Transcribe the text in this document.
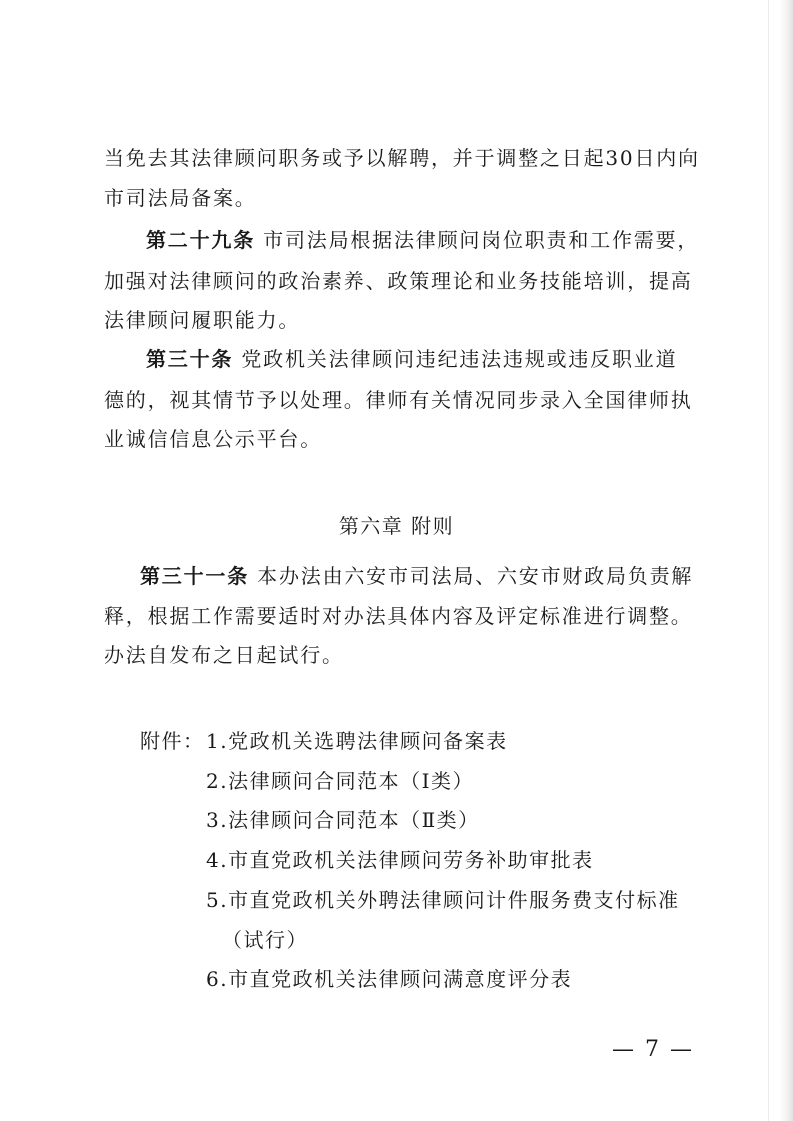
当免去其法律顾问职务或予以解聘，并于调整之日起30日内向
市司法局备案。
第二十九条 市司法局根据法律顾问岗位职责和工作需要，
加强对法律顾问的政治素养、政策理论和业务技能培训，提高
法律顾问履职能力。
第三十条 党政机关法律顾问违纪违法违规或违反职业道
德的，视其情节予以处理。律师有关情况同步录入全国律师执
业诚信信息公示平台。
第六章 附则
第三十一条 本办法由六安市司法局、六安市财政局负责解
释，根据工作需要适时对办法具体内容及评定标准进行调整。
办法自发布之日起试行。
附件： 1.党政机关选聘法律顾问备案表
2.法律顾问合同范本（Ⅰ类）
3.法律顾问合同范本（Ⅱ类）
4.市直党政机关法律顾问劳务补助审批表
5.市直党政机关外聘法律顾问计件服务费支付标准
（试行）
6.市直党政机关法律顾问满意度评分表
— 7 —
